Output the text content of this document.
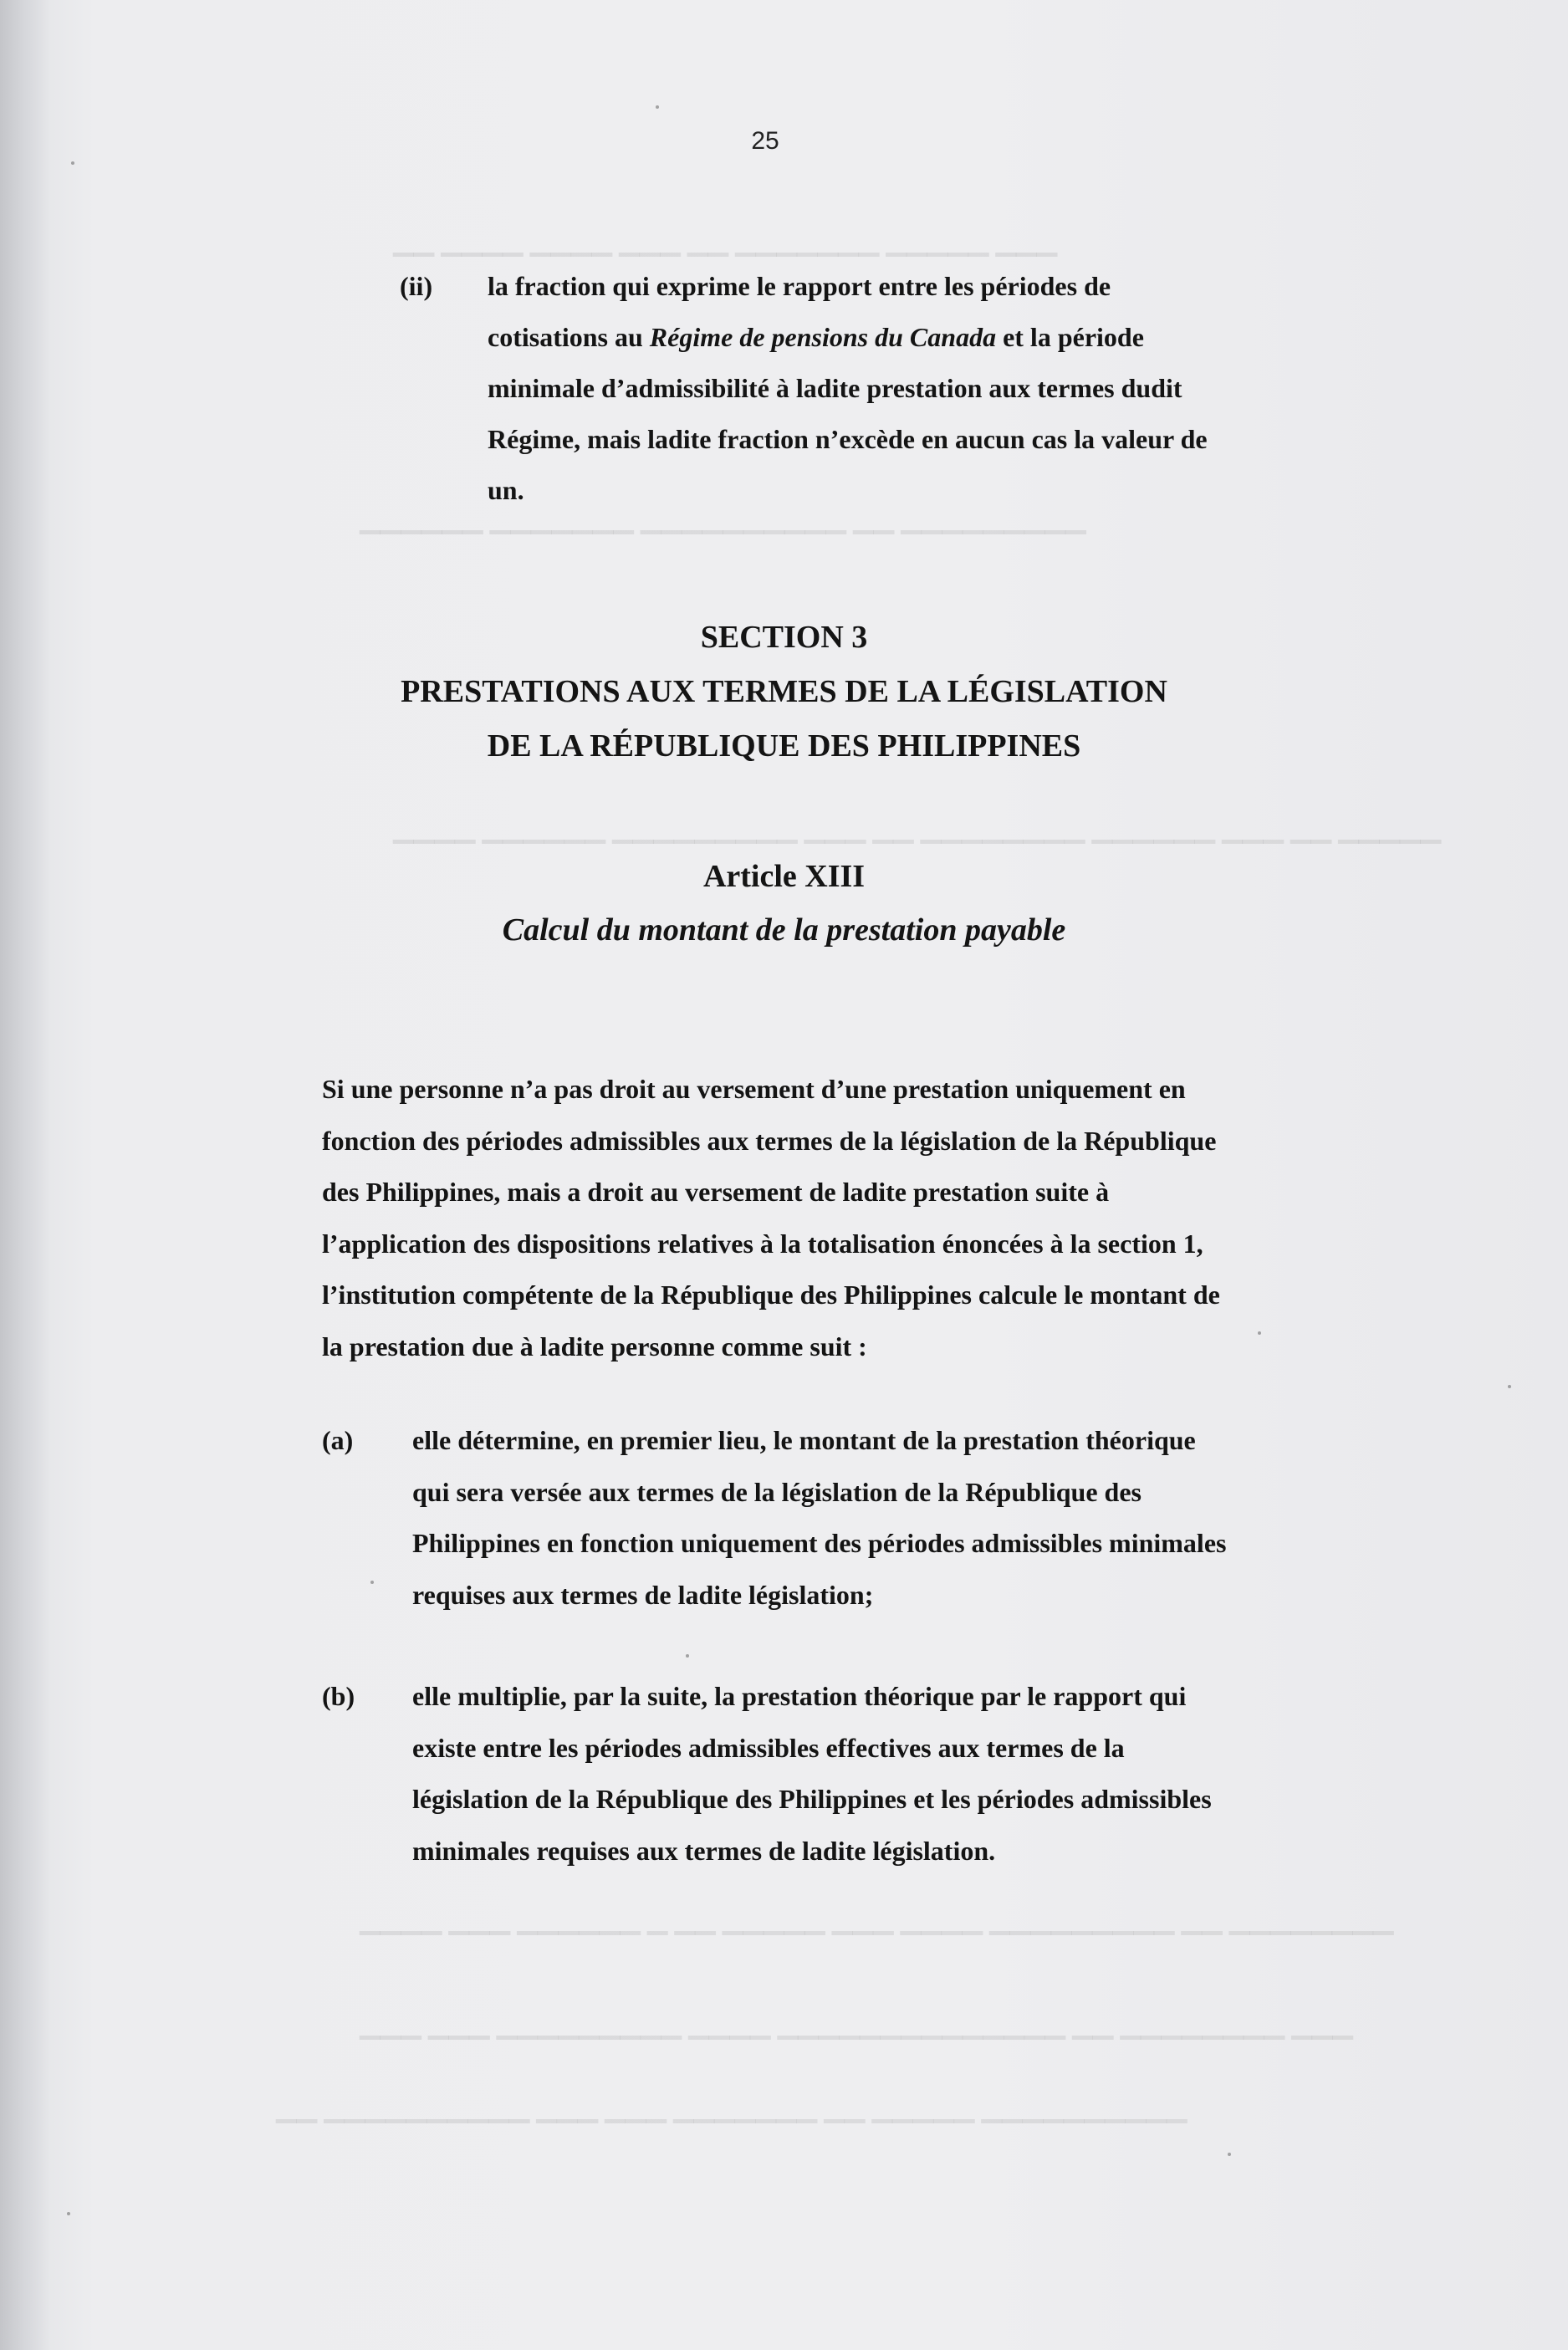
25
(ii)	la fraction qui exprime le rapport entre les périodes de
cotisations au Régime de pensions du Canada et la période
minimale d’admissibilité à ladite prestation aux termes dudit
Régime, mais ladite fraction n’excède en aucun cas la valeur de
un.
SECTION 3
PRESTATIONS AUX TERMES DE LA LÉGISLATION
DE LA RÉPUBLIQUE DES PHILIPPINES
Article XIII
Calcul du montant de la prestation payable
Si une personne n’a pas droit au versement d’une prestation uniquement en
fonction des périodes admissibles aux termes de la législation de la République
des Philippines, mais a droit au versement de ladite prestation suite à
l’application des dispositions relatives à la totalisation énoncées à la section 1,
l’institution compétente de la République des Philippines calcule le montant de
la prestation due à ladite personne comme suit :
(a)	elle détermine, en premier lieu, le montant de la prestation théorique
qui sera versée aux termes de la législation de la République des
Philippines en fonction uniquement des périodes admissibles minimales
requises aux termes de ladite législation;
(b)	elle multiplie, par la suite, la prestation théorique par le rapport qui
existe entre les périodes admissibles effectives aux termes de la
législation de la République des Philippines et les périodes admissibles
minimales requises aux termes de ladite législation.
▁▁▁ ▁▁▁▁▁ ▁▁▁▁▁▁▁ ▁▁ ▁▁▁ ▁▁▁▁ ▁▁▁▁ ▁▁
▁▁▁▁▁▁▁▁▁ ▁▁ ▁▁▁▁▁▁▁▁▁▁ ▁▁▁▁▁▁▁ ▁▁▁▁▁▁
▁▁▁▁▁ ▁▁ ▁▁▁ ▁▁▁▁▁▁ ▁▁▁▁▁▁▁▁ ▁▁ ▁▁▁ ▁▁▁▁▁▁▁▁▁ ▁▁▁▁▁▁ ▁▁▁▁
▁▁▁▁▁▁▁▁ ▁▁ ▁▁▁▁▁▁▁▁▁ ▁▁▁▁ ▁▁▁ ▁▁▁▁▁ ▁▁ ▁ ▁▁▁▁▁▁ ▁▁▁ ▁▁▁▁
▁▁▁ ▁▁▁▁▁▁▁▁ ▁▁ ▁▁▁▁▁▁▁▁▁▁▁▁▁▁ ▁▁▁▁ ▁▁▁▁▁▁▁▁▁ ▁▁▁ ▁▁▁
▁▁▁▁▁▁▁▁▁▁ ▁▁▁▁▁ ▁▁ ▁▁▁▁▁▁▁ ▁▁▁ ▁▁▁ ▁▁▁▁▁▁▁▁▁▁ ▁▁
